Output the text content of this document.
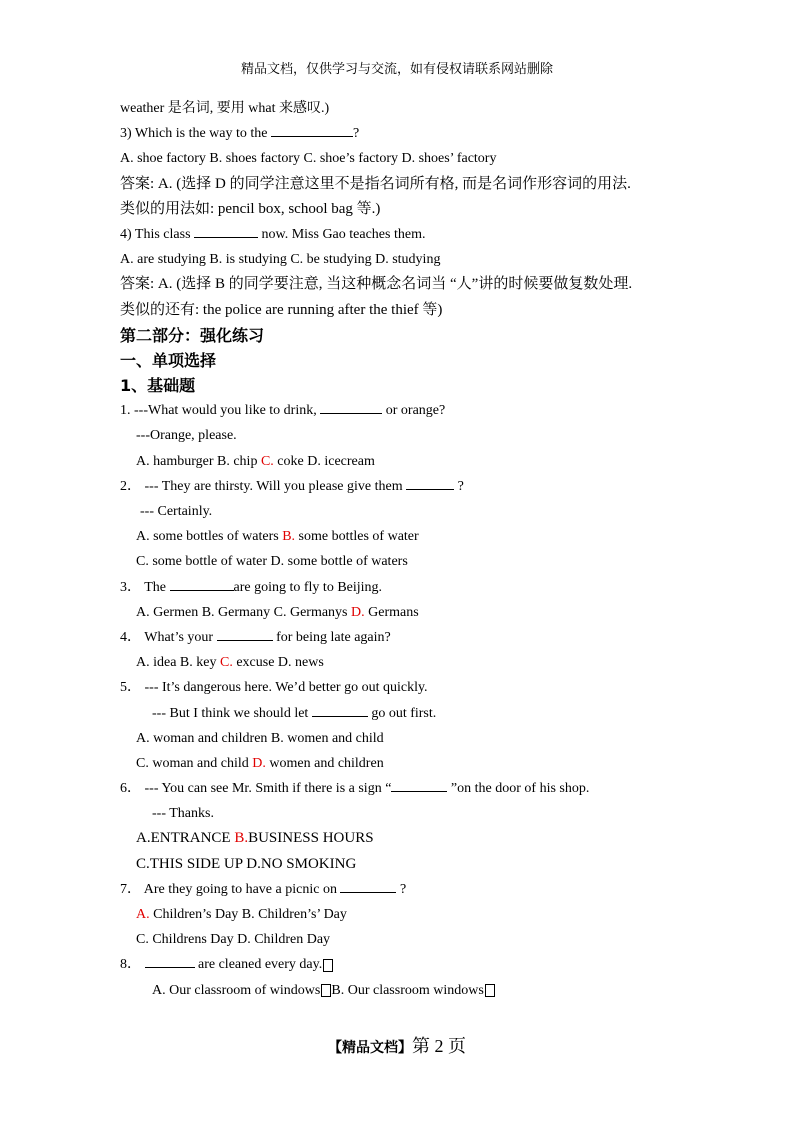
精品文档，仅供学习与交流，如有侵权请联系网站删除
weather 是名词, 要用 what 来感叹.)
3) Which is the way to the	?
A. shoe factory B. shoes factory C. shoe’s factory D. shoes’ factory
答案: A. (选择 D 的同学注意这里不是指名词所有格, 而是名词作形容词的用法.
类似的用法如: pencil box, school bag 等.)
4) This class	now. Miss Gao teaches them.
A. are studying B. is studying C. be studying D. studying
答案: A. (选择 B 的同学要注意, 当这种概念名词当 “人”讲的时候要做复数处理.
类似的还有: the police are running after the thief 等)
第二部分：强化练习
一、单项选择
1、基础题
1. ---What would you like to drink,	or orange?
---Orange, please.
A. hamburger B. chip C. coke D. icecream
2． --- They are thirsty. Will you please give them	?
--- Certainly.
A. some bottles of waters B. some bottles of water
C. some bottle of water D. some bottle of waters
3． The	are going to fly to Beijing.
A. Germen B. Germany C. Germanys D. Germans
4． What’s your	for being late again?
A. idea B. key C. excuse D. news
5． --- It’s dangerous here. We’d better go out quickly.
--- But I think we should let	go out first.
A. woman and children B. women and child
C. woman and child D. women and children
6． --- You can see Mr. Smith if there is a sign “	”on the door of his shop.
--- Thanks.
A.ENTRANCE B.BUSINESS HOURS
C.THIS SIDE UP D.NO SMOKING
7． Are they going to have a picnic on	?
A. Children’s Day B. Children’s’ Day
C. Childrens Day D. Children Day
8．	are cleaned every day.
A. Our classroom of windows B. Our classroom windows
【精品文档】第 2 页
